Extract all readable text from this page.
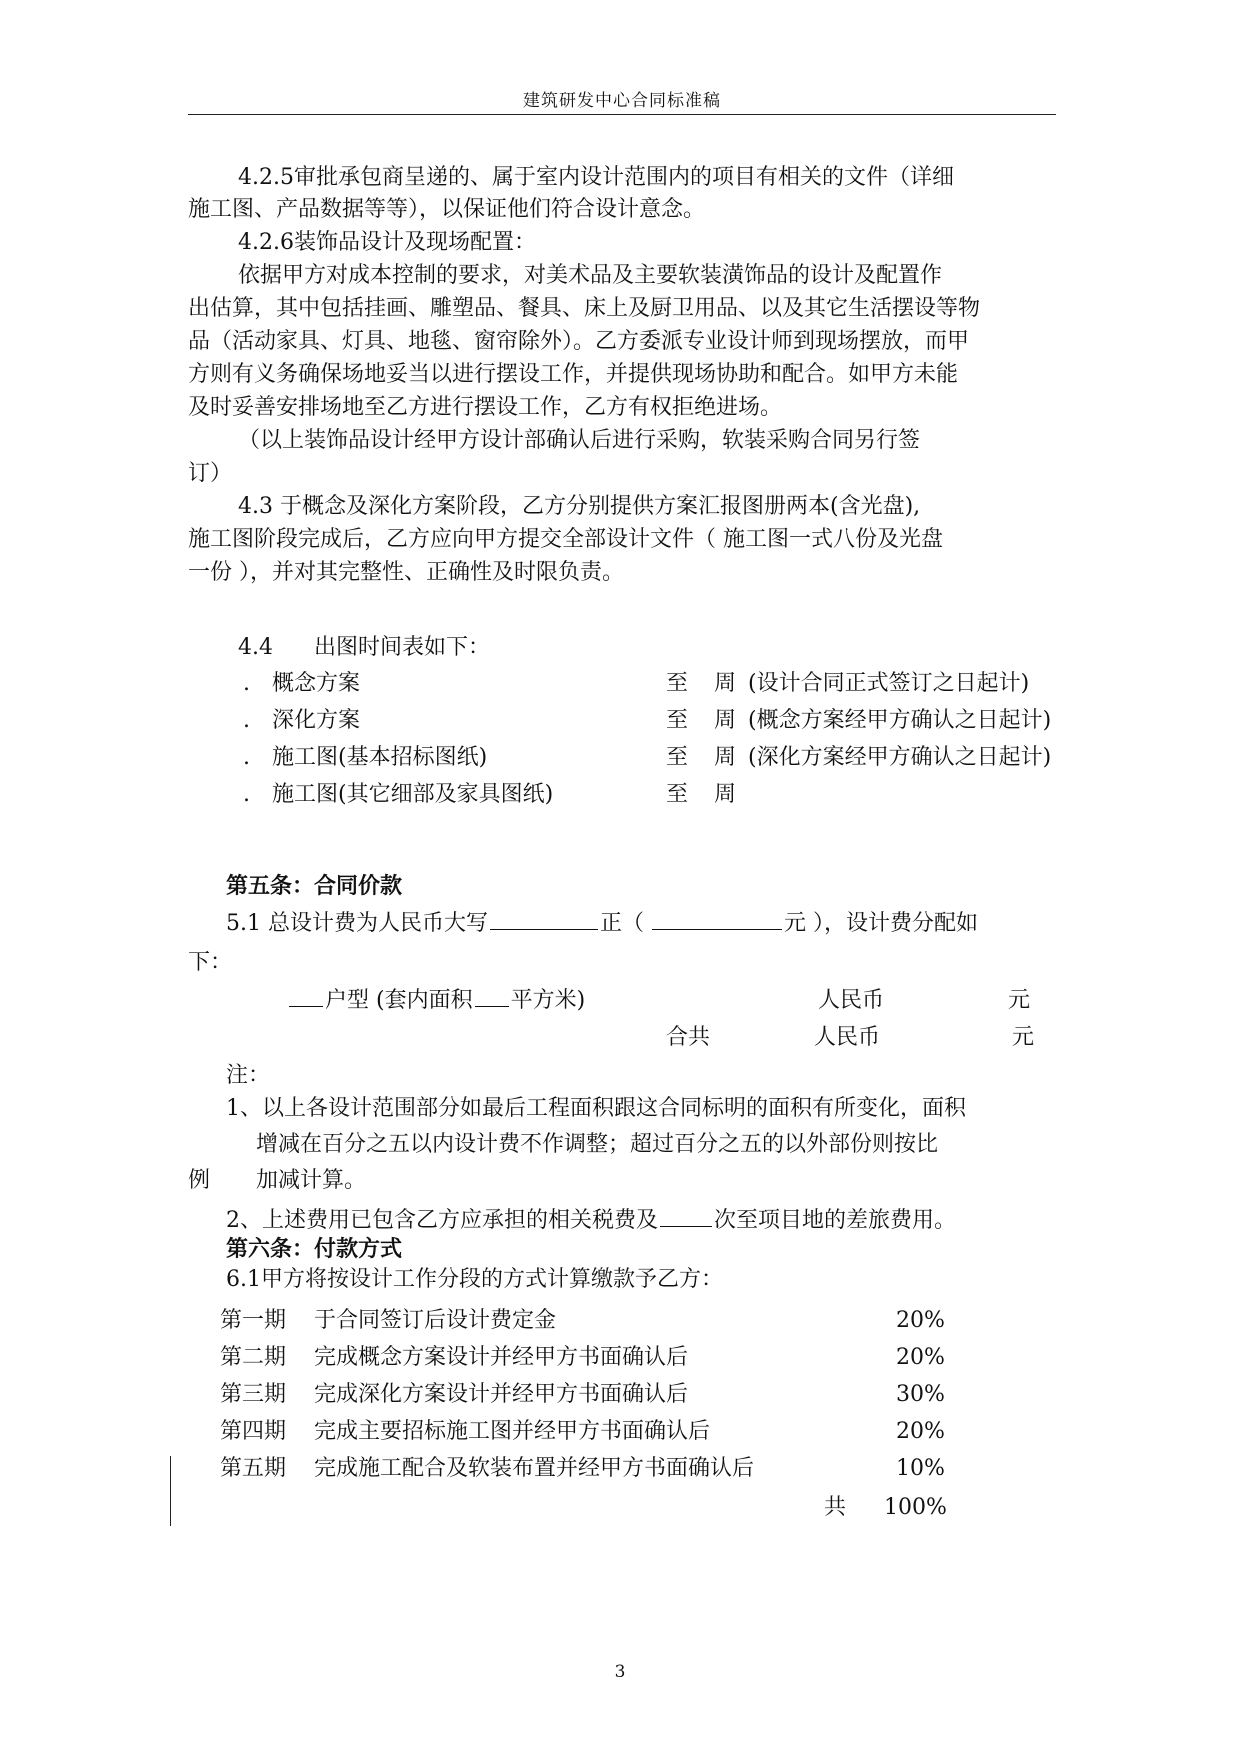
建筑研发中心合同标准稿
4.2.5审批承包商呈递的、属于室内设计范围内的项目有相关的文件（详细
施工图、产品数据等等），以保证他们符合设计意念。
4.2.6装饰品设计及现场配置：
依据甲方对成本控制的要求，对美术品及主要软装潢饰品的设计及配置作
出估算，其中包括挂画、雕塑品、餐具、床上及厨卫用品、以及其它生活摆设等物
品（活动家具、灯具、地毯、窗帘除外）。乙方委派专业设计师到现场摆放，而甲
方则有义务确保场地妥当以进行摆设工作，并提供现场协助和配合。如甲方未能
及时妥善安排场地至乙方进行摆设工作，乙方有权拒绝进场。
（以上装饰品设计经甲方设计部确认后进行采购，软装采购合同另行签
订）
4.3 于概念及深化方案阶段，乙方分别提供方案汇报图册两本(含光盘),
施工图阶段完成后，乙方应向甲方提交全部设计文件（ 施工图一式八份及光盘
一份 ），并对其完整性、正确性及时限负责。
4.4 出图时间表如下：
. 概念方案	至 周 (设计合同正式签订之日起计)
. 深化方案	至 周 (概念方案经甲方确认之日起计)
. 施工图(基本招标图纸)	至 周 (深化方案经甲方确认之日起计)
. 施工图(其它细部及家具图纸)	至 周
第五条：合同价款
5.1 总设计费为人民币大写	正（	元 ），设计费分配如
下：
户型 (套内面积 平方米)	人民币	元
合共	人民币	元
注：
1、以上各设计范围部分如最后工程面积跟这合同标明的面积有所变化，面积
增减在百分之五以内设计费不作调整；超过百分之五的以外部份则按比
例 加减计算。
2、上述费用已包含乙方应承担的相关税费及	次至项目地的差旅费用。
第六条：付款方式
6.1甲方将按设计工作分段的方式计算缴款予乙方：
第一期 于合同签订后设计费定金	20%
第二期 完成概念方案设计并经甲方书面确认后	20%
第三期 完成深化方案设计并经甲方书面确认后	30%
第四期 完成主要招标施工图并经甲方书面确认后	20%
第五期 完成施工配合及软装布置并经甲方书面确认后	10%
共 100%
3
